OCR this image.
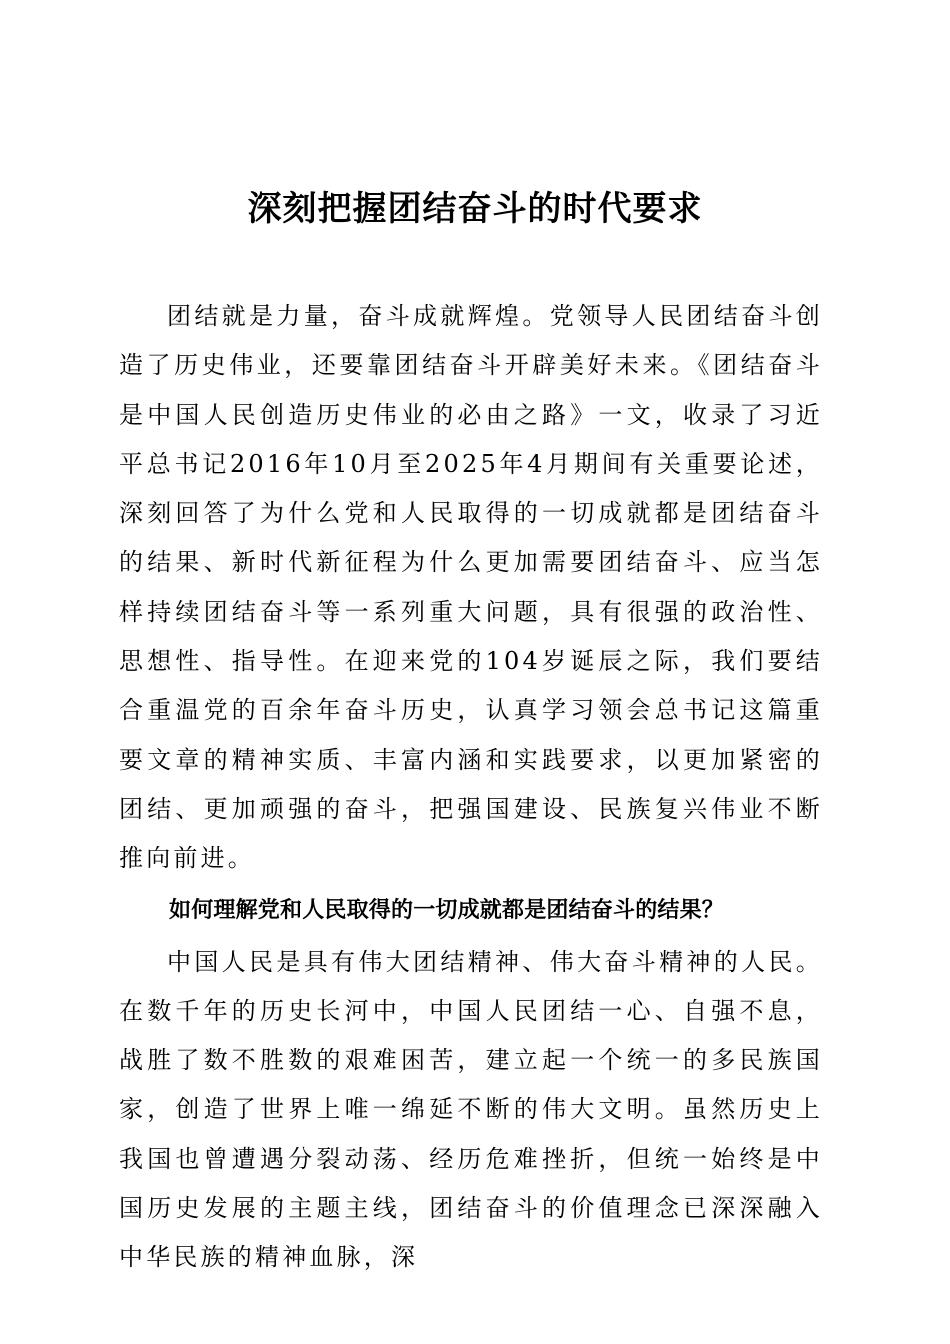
深刻把握团结奋斗的时代要求

团结就是力量，奋斗成就辉煌。党领导人民团结奋斗创造了历史伟业，还要靠团结奋斗开辟美好未来。《团结奋斗是中国人民创造历史伟业的必由之路》一文，收录了习近平总书记2016年10月至2025年4月期间有关重要论述，深刻回答了为什么党和人民取得的一切成就都是团结奋斗的结果、新时代新征程为什么更加需要团结奋斗、应当怎样持续团结奋斗等一系列重大问题，具有很强的政治性、思想性、指导性。在迎来党的104岁诞辰之际，我们要结合重温党的百余年奋斗历史，认真学习领会总书记这篇重要文章的精神实质、丰富内涵和实践要求，以更加紧密的团结、更加顽强的奋斗，把强国建设、民族复兴伟业不断推向前进。

如何理解党和人民取得的一切成就都是团结奋斗的结果？

中国人民是具有伟大团结精神、伟大奋斗精神的人民。在数千年的历史长河中，中国人民团结一心、自强不息，战胜了数不胜数的艰难困苦，建立起一个统一的多民族国家，创造了世界上唯一绵延不断的伟大文明。虽然历史上我国也曾遭遇分裂动荡、经历危难挫折，但统一始终是中国历史发展的主题主线，团结奋斗的价值理念已深深融入中华民族的精神血脉，深
